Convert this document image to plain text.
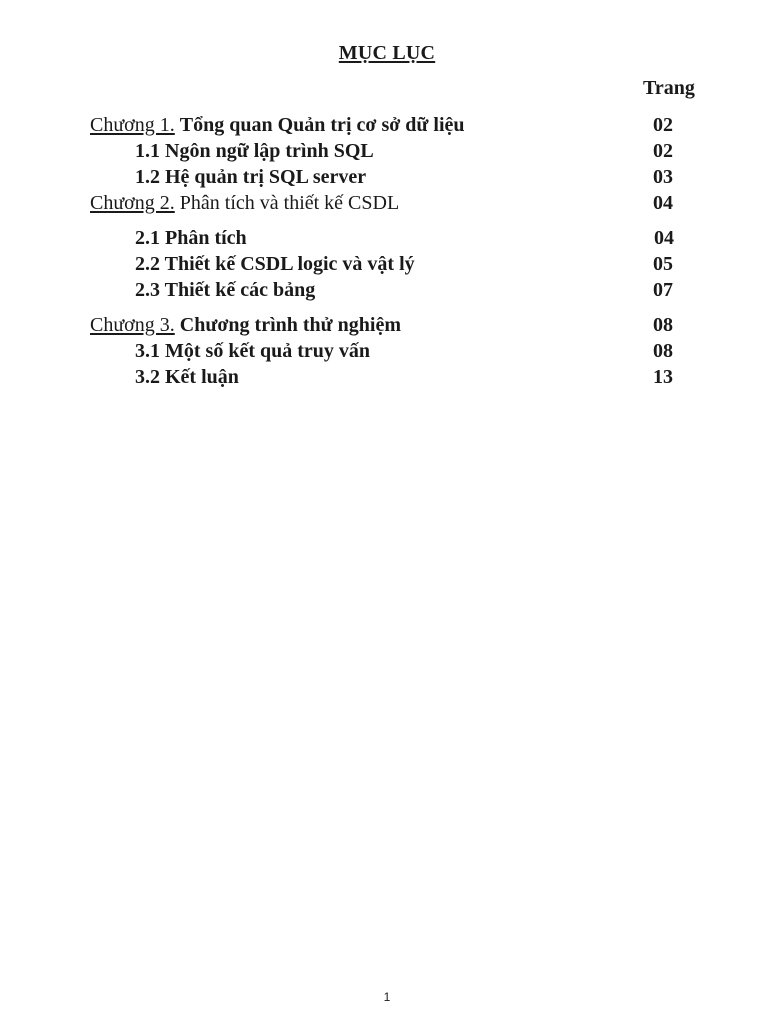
MỤC LỤC
Trang
Chương 1. Tổng quan Quản trị cơ sở dữ liệu	02
1.1 Ngôn ngữ lập trình SQL	02
1.2 Hệ quản trị SQL server	03
Chương 2. Phân tích và thiết kế CSDL	04
2.1 Phân tích	04
2.2 Thiết kế CSDL logic và vật lý	05
2.3 Thiết kế các bảng	07
Chương 3. Chương trình thử nghiệm	08
3.1 Một số kết quả truy vấn	08
3.2 Kết luận	13
1
